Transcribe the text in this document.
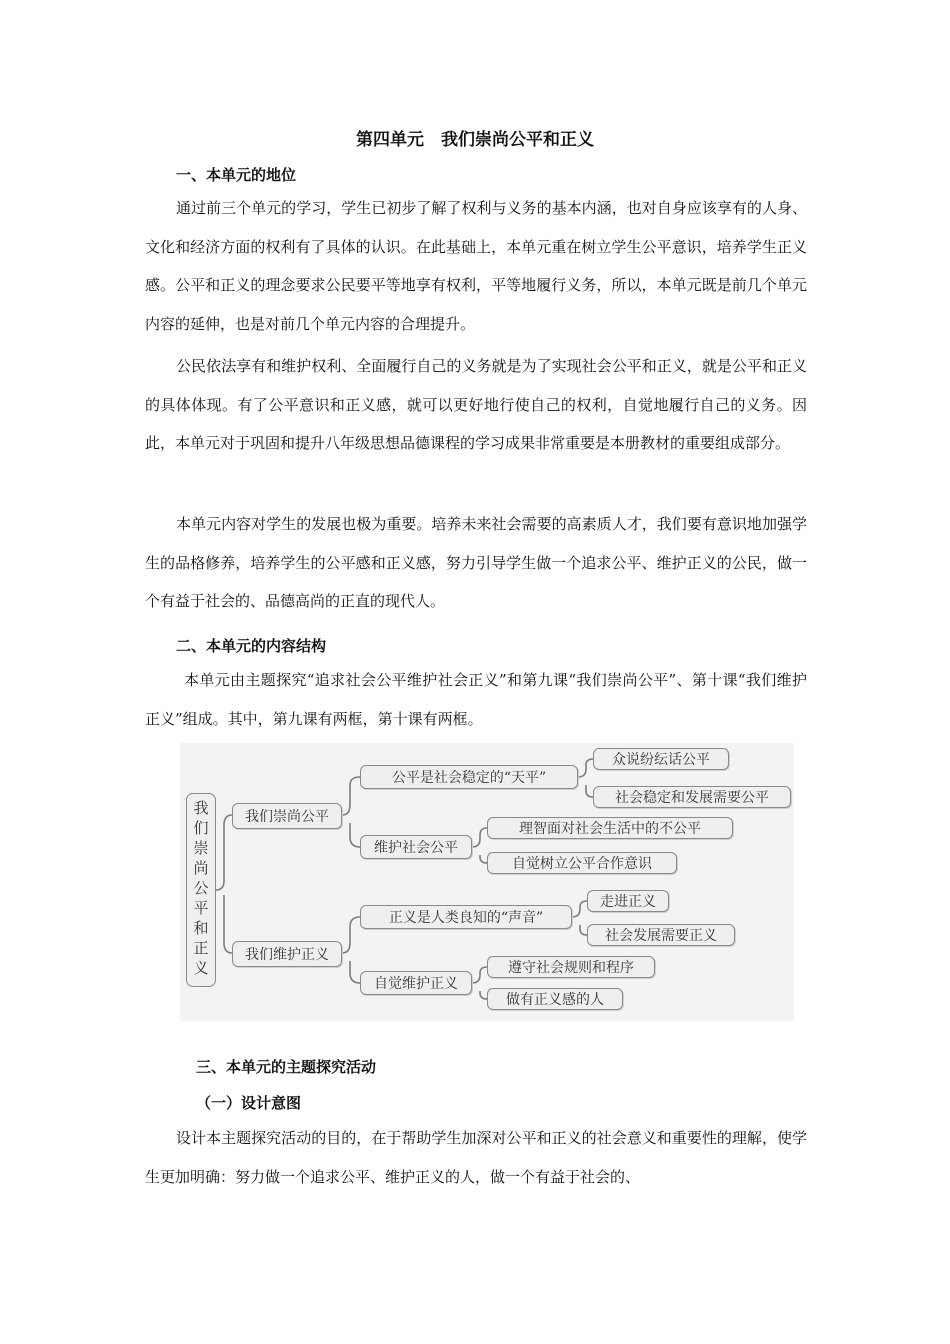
第四单元　我们崇尚公平和正义
一、本单元的地位

通过前三个单元的学习，学生已初步了解了权利与义务的基本内涵，也对自身应该享有的人身、文化和经济方面的权利有了具体的认识。在此基础上，本单元重在树立学生公平意识，培养学生正义感。公平和正义的理念要求公民要平等地享有权利，平等地履行义务，所以，本单元既是前几个单元内容的延伸，也是对前几个单元内容的合理提升。

公民依法享有和维护权利、全面履行自己的义务就是为了实现社会公平和正义，就是公平和正义的具体体现。有了公平意识和正义感，就可以更好地行使自己的权利，自觉地履行自己的义务。因此，本单元对于巩固和提升八年级思想品德课程的学习成果非常重要是本册教材的重要组成部分。

本单元内容对学生的发展也极为重要。培养未来社会需要的高素质人才，我们要有意识地加强学生的品格修养，培养学生的公平感和正义感，努力引导学生做一个追求公平、维护正义的公民，做一个有益于社会的、品德高尚的正直的现代人。

二、本单元的内容结构

本单元由主题探究“追求社会公平维护社会正义”和第九课“我们崇尚公平”、第十课“我们维护正义”组成。其中，第九课有两框，第十课有两框。

我们崇尚公平和正义	我们崇尚公平
我们维护正义
公平是社会稳定的“天平”
维护社会公平
正义是人类良知的“声音”
自觉维护正义
众说纷纭话公平
社会稳定和发展需要公平
理智面对社会生活中的不公平
自觉树立公平合作意识
走进正义
社会发展需要正义
遵守社会规则和程序
做有正义感的人
三、本单元的主题探究活动
（一）设计意图

设计本主题探究活动的目的，在于帮助学生加深对公平和正义的社会意义和重要性的理解，使学生更加明确：努力做一个追求公平、维护正义的人，做一个有益于社会的、
